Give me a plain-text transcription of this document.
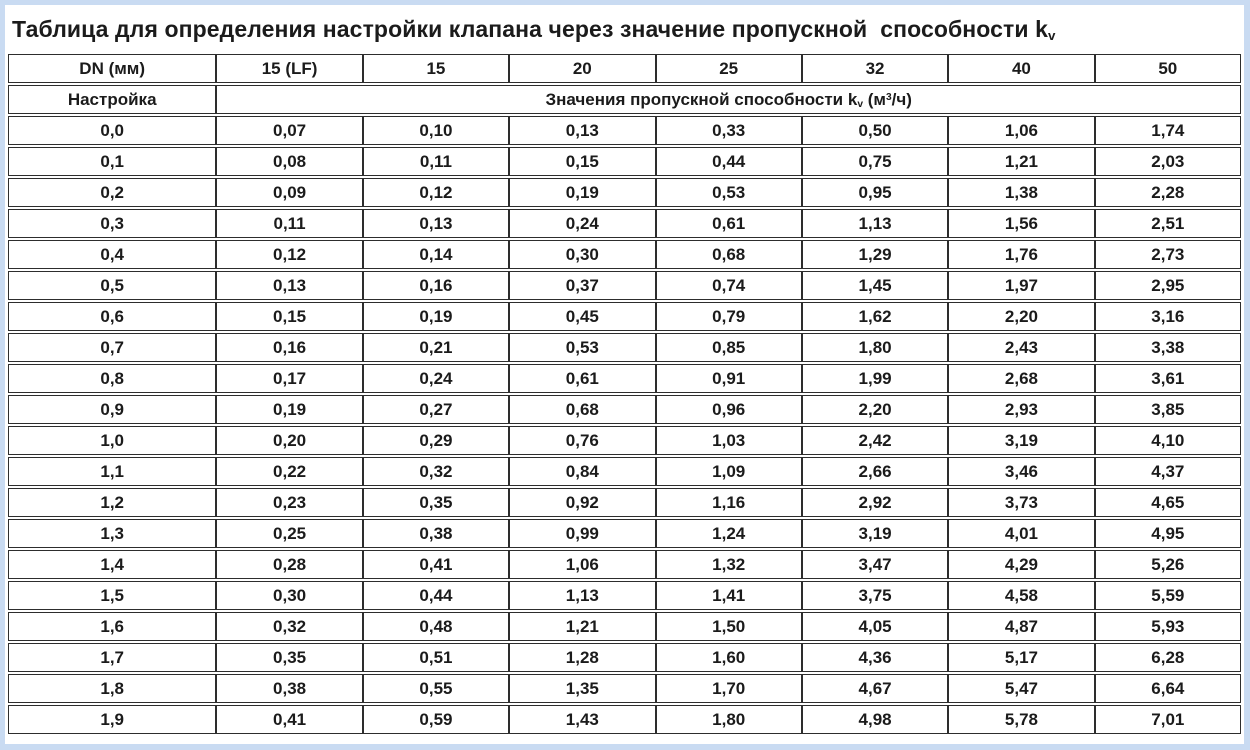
Таблица для определения настройки клапана через значение пропускной  способности $k_v$
DN (мм)	15 (LF)	15	20	25	32	40	50
Настройка	Значения пропускной способности $k_v$ $(м^3/ч)$						
0,0	0,07	0,10	0,13	0,33	0,50	1,06	1,74
0,1	0,08	0,11	0,15	0,44	0,75	1,21	2,03
0,2	0,09	0,12	0,19	0,53	0,95	1,38	2,28
0,3	0,11	0,13	0,24	0,61	1,13	1,56	2,51
0,4	0,12	0,14	0,30	0,68	1,29	1,76	2,73
0,5	0,13	0,16	0,37	0,74	1,45	1,97	2,95
0,6	0,15	0,19	0,45	0,79	1,62	2,20	3,16
0,7	0,16	0,21	0,53	0,85	1,80	2,43	3,38
0,8	0,17	0,24	0,61	0,91	1,99	2,68	3,61
0,9	0,19	0,27	0,68	0,96	2,20	2,93	3,85
1,0	0,20	0,29	0,76	1,03	2,42	3,19	4,10
1,1	0,22	0,32	0,84	1,09	2,66	3,46	4,37
1,2	0,23	0,35	0,92	1,16	2,92	3,73	4,65
1,3	0,25	0,38	0,99	1,24	3,19	4,01	4,95
1,4	0,28	0,41	1,06	1,32	3,47	4,29	5,26
1,5	0,30	0,44	1,13	1,41	3,75	4,58	5,59
1,6	0,32	0,48	1,21	1,50	4,05	4,87	5,93
1,7	0,35	0,51	1,28	1,60	4,36	5,17	6,28
1,8	0,38	0,55	1,35	1,70	4,67	5,47	6,64
1,9	0,41	0,59	1,43	1,80	4,98	5,78	7,01
